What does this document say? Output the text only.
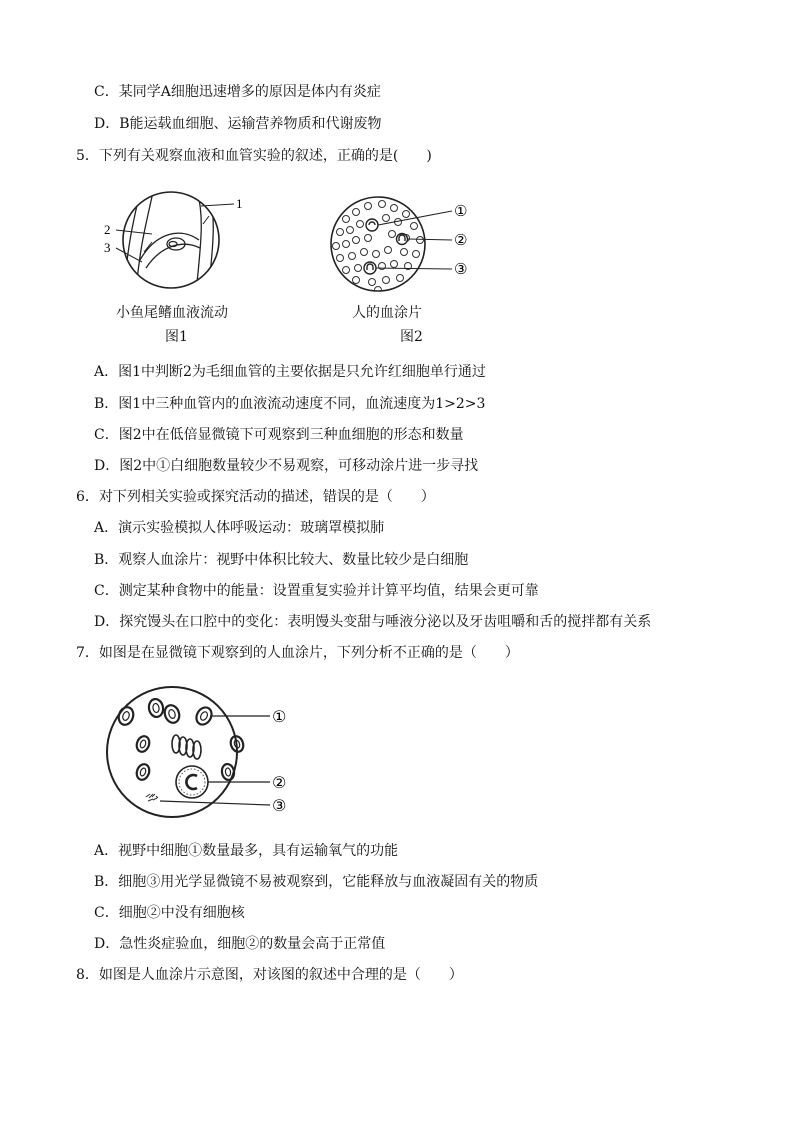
C．某同学A细胞迅速增多的原因是体内有炎症
D．B能运载血细胞、运输营养物质和代谢废物
5．下列有关观察血液和血管实验的叙述，正确的是(　　)
1
2
3
小鱼尾鳍血液流动
图1
①
②
③
人的血涂片
图2
A．图1中判断2为毛细血管的主要依据是只允许红细胞单行通过
B．图1中三种血管内的血液流动速度不同，血流速度为1>2>3
C．图2中在低倍显微镜下可观察到三种血细胞的形态和数量
D．图2中①白细胞数量较少不易观察，可移动涂片进一步寻找
6．对下列相关实验或探究活动的描述，错误的是（　　）
A．演示实验模拟人体呼吸运动：玻璃罩模拟肺
B．观察人血涂片：视野中体积比较大、数量比较少是白细胞
C．测定某种食物中的能量：设置重复实验并计算平均值，结果会更可靠
D．探究馒头在口腔中的变化：表明馒头变甜与唾液分泌以及牙齿咀嚼和舌的搅拌都有关系
7．如图是在显微镜下观察到的人血涂片，下列分析不正确的是（　　）
①
②
③
A．视野中细胞①数量最多，具有运输氧气的功能
B．细胞③用光学显微镜不易被观察到，它能释放与血液凝固有关的物质
C．细胞②中没有细胞核
D．急性炎症验血，细胞②的数量会高于正常值
8．如图是人血涂片示意图，对该图的叙述中合理的是（　　）
